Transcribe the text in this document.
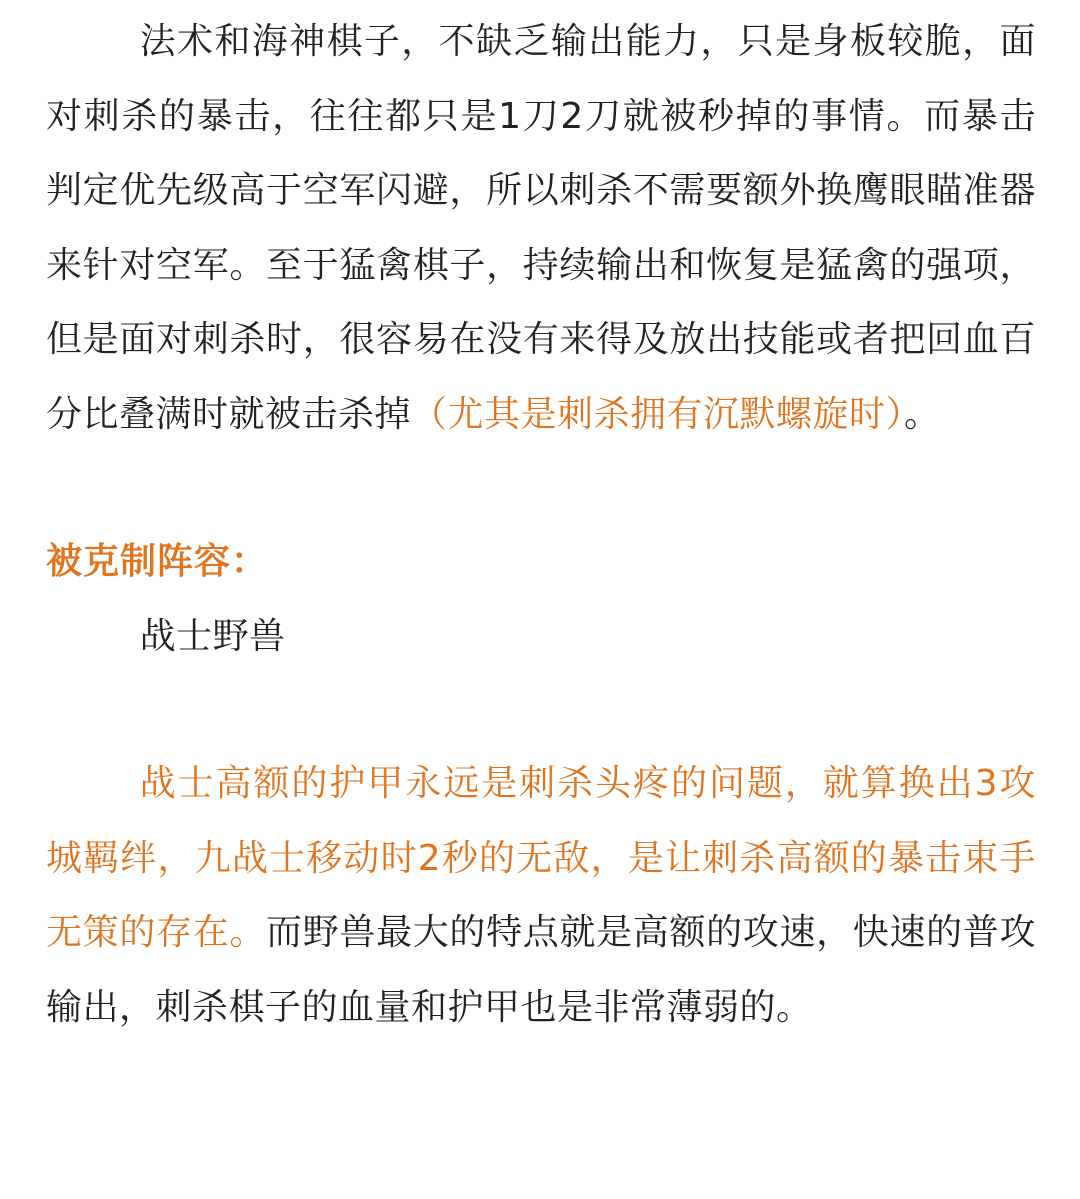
法术和海神棋子，不缺乏输出能力，只是身板较脆，面对刺杀的暴击，往往都只是1刀2刀就被秒掉的事情。而暴击判定优先级高于空军闪避，所以刺杀不需要额外换鹰眼瞄准器来针对空军。至于猛禽棋子，持续输出和恢复是猛禽的强项，但是面对刺杀时，很容易在没有来得及放出技能或者把回血百分比叠满时就被击杀掉（尤其是刺杀拥有沉默螺旋时）。

被克制阵容：

战士野兽

战士高额的护甲永远是刺杀头疼的问题，就算换出3攻城羁绊，九战士移动时2秒的无敌，是让刺杀高额的暴击束手无策的存在。而野兽最大的特点就是高额的攻速，快速的普攻输出，刺杀棋子的血量和护甲也是非常薄弱的。
